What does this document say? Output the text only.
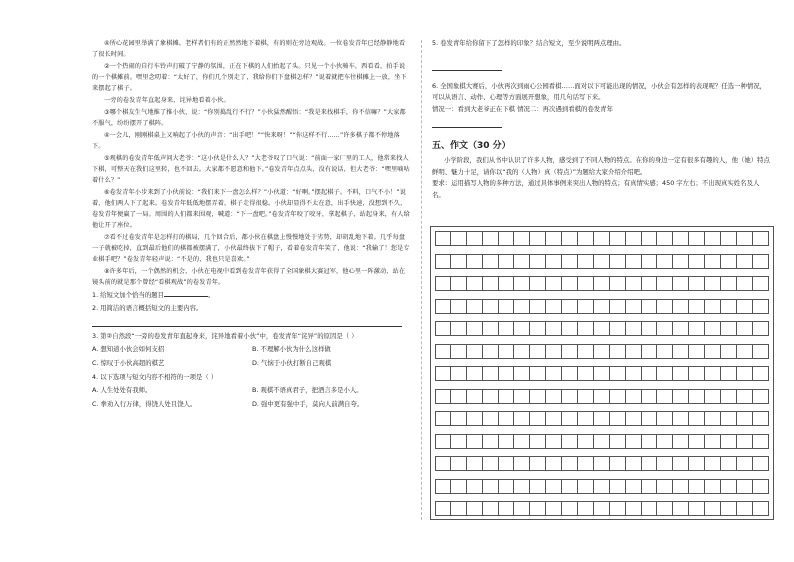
④所心花园里举满了象棋摊。老样者们有的正然然地下着棋，有的则在旁边观战。一位卷发青年已经静静地看了很长时间。

②一个热闹的自行车铃声打破了宁静的氛围，正在下棋的人们抬起了头。只见一个小伙骑车，西看看，拍手说的一个棋摊前。嘿里念叨着：“太好了，你们几个别走了，我给你们下盘棋怎样？”说着就把车往棋摊上一放，坐下来摆起了棋子。

一旁的卷发青年直起身来，诧异地看着小伙。

③哪个棋友生气地推了推小伙，说：“你别捣乱行不行？”小伙猛然醒悟：“我是来找棋手，你不信嘛？”大家都不服气，纷纷摆开了棋阵。

④一会儿，刚刚棋桌上又响起了小伙的声音：“出手吧！”“快来呀！”“你这样不行……”许多棋子都不停地落下。

⑤观棋的卷发青年低声问大老爷：“这小伙是什么人？”大老爷叹了口气说：“前面一家厂里的工人，他常来找人下棋，可整天在我们这里转，也不回去。大家都不愿意和他下。”卷发青年点点头，没有说话，但大老爷：“嘿里嘀咕着什么？”

⑥卷发青年小步来到了小伙前说：“我们来下一盘怎么样？”小伙道：“好啊。”摆起棋子。不料，口气不小！”说着，他们两人下了起来。卷发青年低低地摆弄着，棋子走得很稳。小伙却显得不太在意，出手快速，没想到不久，卷发青年便赢了一局。周围的人们都来围观，喊道：“下一盘吧。”卷发青年咬了咬牙，拿起棋子，站起身来，有人给他让开了座位。

⑦看不过卷发青年是怎样打的棋局，几个回合后，都小伙在棋盘上慢慢地处于劣势，却胡乱地下着。几乎每盘一子就被吃掉，直到最后他们的棋都被摆满了，小伙最终拔下了帽子，看着卷发青年笑了，他说：“我输了！您是专业棋手吧？”卷发青年轻声说：“不是的，我也只是喜欢。”

⑧许多年后，一个偶然的机会，小伙在电视中看到卷发青年获得了全国象棋大赛冠军，他心里一阵激动，站在镜头前的就是那个曾经“看棋观战”的卷发青年。

1. 给短文加个恰当的题目	。

2. 用简洁的语言概括短文的主要内容。

3. 第②自然段“一旁的卷发青年直起身来，诧异地看着小伙”中，卷发青年“诧异”的原因是（ ）

A. 想知道小伙会如何支招	B. 不理解小伙为什么这样做
C. 惊叹于小伙高超的棋艺	D. 气恼于小伙打断自己观棋

4. 以下选项与短文内容不相符的一项是（ ）

A. 人生处处有我师。	B. 观棋不语真君子，把酒言多是小人。
C. 拳劝入行万律，得饶人处且饶人。	D. 强中更有强中手，莫向人前满自夸。

5. 卷发青年给你留下了怎样的印象？结合短文，至少说明两点理由。

6. 全国象棋大赛后，小伙再次到雨心公园看棋……面对以下可能出现的情况，小伙会有怎样的表现呢？任选一种情况，可以从语言、动作、心理等方面展开想象，用几句话写下来。

情况一：看到大老爷正在下棋 情况二：再次遇到看棋的卷发青年

五、作文（30 分）

小学阶段，我们从书中认识了许多人物，感受到了不同人物的特点。在你的身边一定有很多有趣的人，他（她）特点鲜明、魅力十足，请你以“我的（人物）真（特点）”为题给大家介绍介绍吧。

要求：运用描写人物的多种方法，通过具体事例来突出人物的特点；有真情实感；450 字左右；不出现真实姓名及人名。
